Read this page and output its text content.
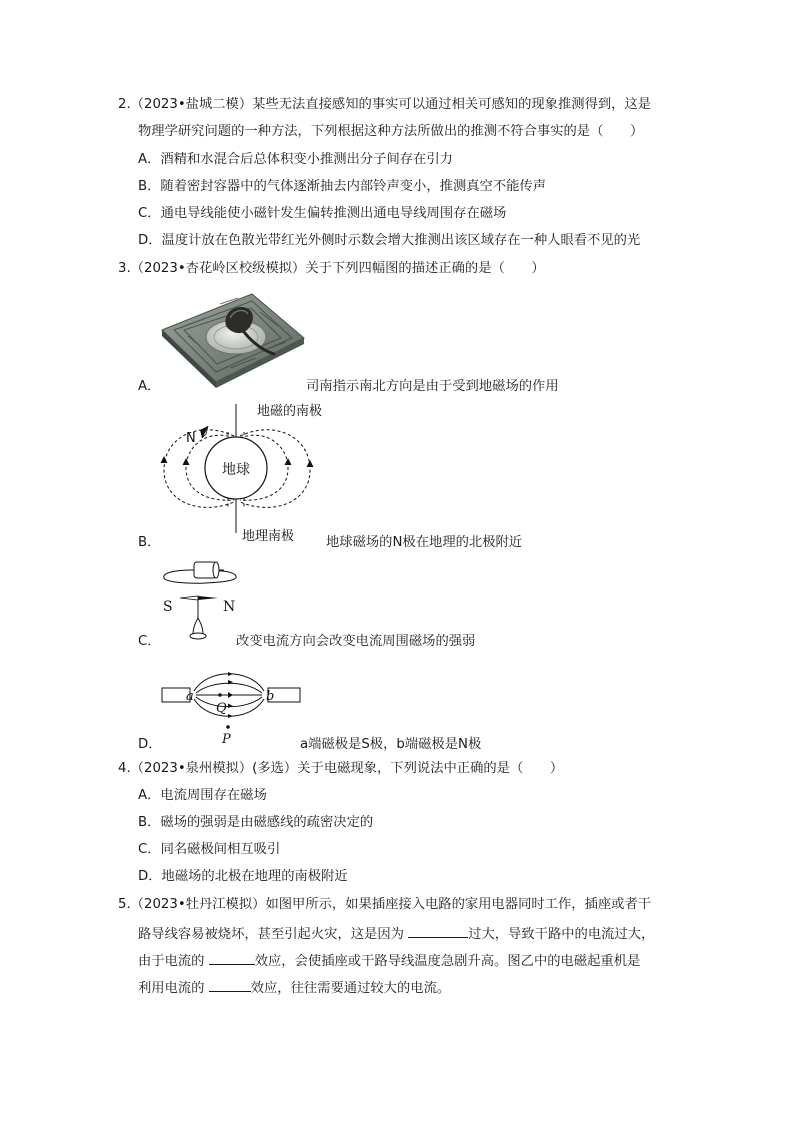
2.（2023•盐城二模）某些无法直接感知的事实可以通过相关可感知的现象推测得到，这是
物理学研究问题的一种方法，下列根据这种方法所做出的推测不符合事实的是（　　）
A．酒精和水混合后总体积变小推测出分子间存在引力
B．随着密封容器中的气体逐渐抽去内部铃声变小，推测真空不能传声
C．通电导线能使小磁针发生偏转推测出通电导线周围存在磁场
D．温度计放在色散光带红光外侧时示数会增大推测出该区域存在一种人眼看不见的光
3.（2023•杏花岭区校级模拟）关于下列四幅图的描述正确的是（　　）
A．	司南指示南北方向是由于受到地磁场的作用
地磁的南极
地球
N
地理南极
B．	地球磁场的N极在地理的北极附近
S	N
C．	改变电流方向会改变电流周围磁场的强弱
a	b
Q
P
D．	a端磁极是S极，b端磁极是N极
4.（2023•泉州模拟）(多选）关于电磁现象，下列说法中正确的是（　　）
A．电流周围存在磁场
B．磁场的强弱是由磁感线的疏密决定的
C．同名磁极间相互吸引
D．地磁场的北极在地理的南极附近
5.（2023•牡丹江模拟）如图甲所示，如果插座接入电路的家用电器同时工作，插座或者干
路导线容易被烧坏，甚至引起火灾，这是因为	过大，导致干路中的电流过大，
由于电流的	效应，会使插座或干路导线温度急剧升高。图乙中的电磁起重机是
利用电流的	效应，往往需要通过较大的电流。
